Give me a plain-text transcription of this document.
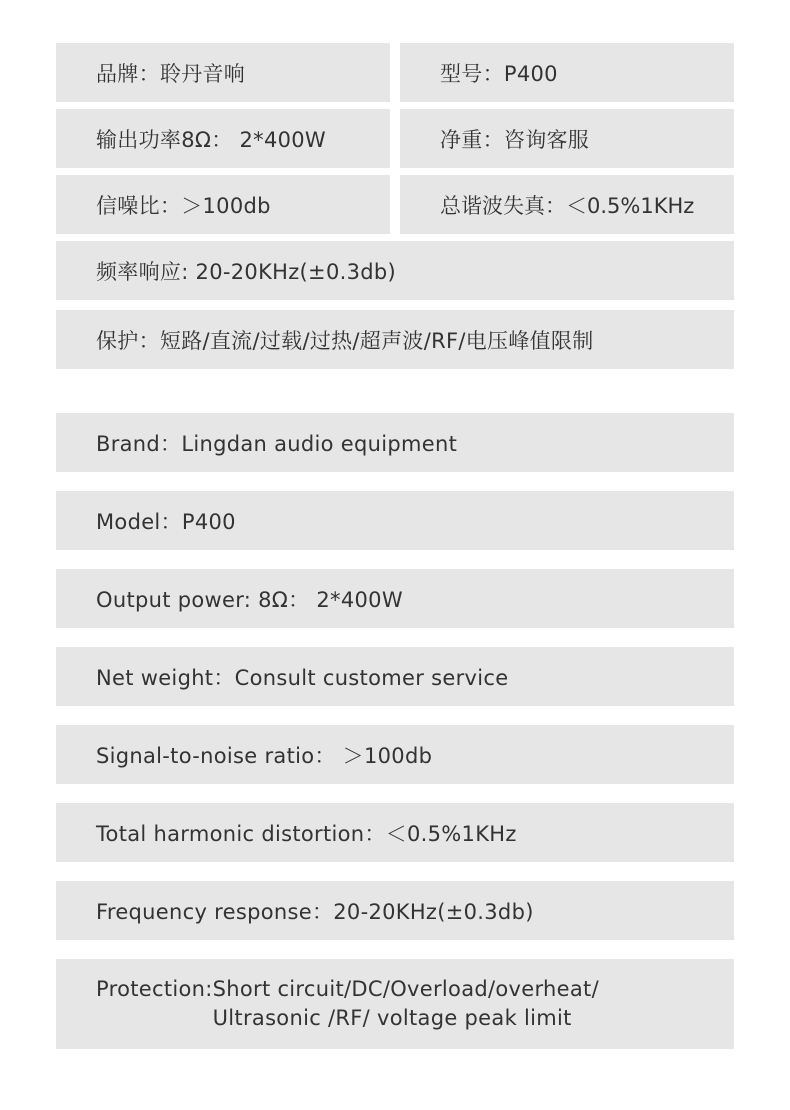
品牌：聆丹音响	型号：P400
输出功率8Ω： 2*400W	净重：咨询客服
信噪比：＞100db	总谐波失真：＜0.5%1KHz
频率响应: 20-20KHz(±0.3db)
保护：短路/直流/过载/过热/超声波/RF/电压峰值限制
Brand：Lingdan audio equipment
Model：P400
Output power: 8Ω： 2*400W
Net weight：Consult customer service
Signal-to-noise ratio： ＞100db
Total harmonic distortion：＜0.5%1KHz
Frequency response：20-20KHz(±0.3db)
Protection: Short circuit/DC/Overload/overheat/
Ultrasonic /RF/ voltage peak limit
